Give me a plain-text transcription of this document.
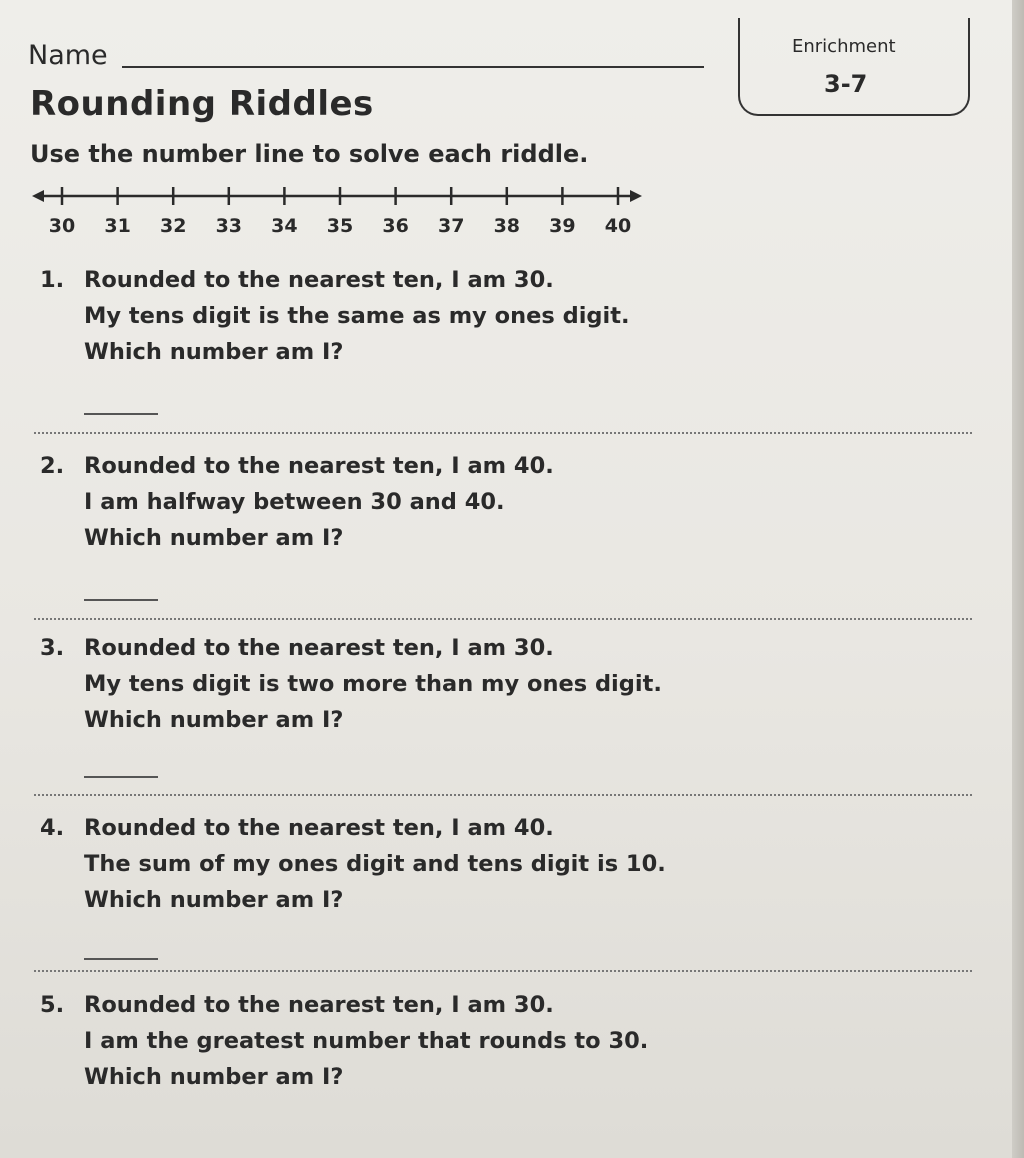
Name	Enrichment

3-7

Rounding Riddles

Use the number line to solve each riddle.

30 31 32 33 34 35 36 37 38 39 40
1. Rounded to the nearest ten, I am 30.
My tens digit is the same as my ones digit.
Which number am I?
2. Rounded to the nearest ten, I am 40.
I am halfway between 30 and 40.
Which number am I?
3. Rounded to the nearest ten, I am 30.
My tens digit is two more than my ones digit.
Which number am I?
4. Rounded to the nearest ten, I am 40.
The sum of my ones digit and tens digit is 10.
Which number am I?
5. Rounded to the nearest ten, I am 30.
I am the greatest number that rounds to 30.
Which number am I?
